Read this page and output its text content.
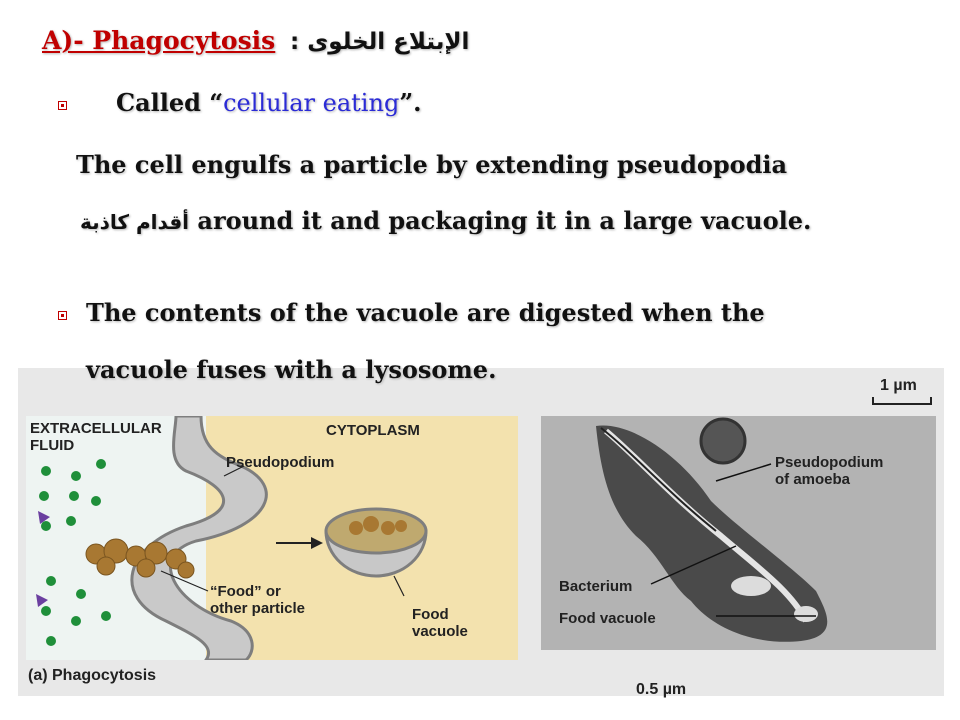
A)- Phagocytosis الإبتلاع الخلوى :
Called “cellular eating”.
The cell engulfs a particle by extending pseudopodia
أقدام كاذبة around it and packaging it in a large vacuole.
The contents of the vacuole are digested when the
vacuole fuses with a lysosome.
EXTRACELLULAR
FLUID
CYTOPLASM
Pseudopodium
“Food” or
other particle	Food
vacuole
(a) Phagocytosis
1 µm
Pseudopodium
of amoeba
Bacterium
Food vacuole
0.5 µm
